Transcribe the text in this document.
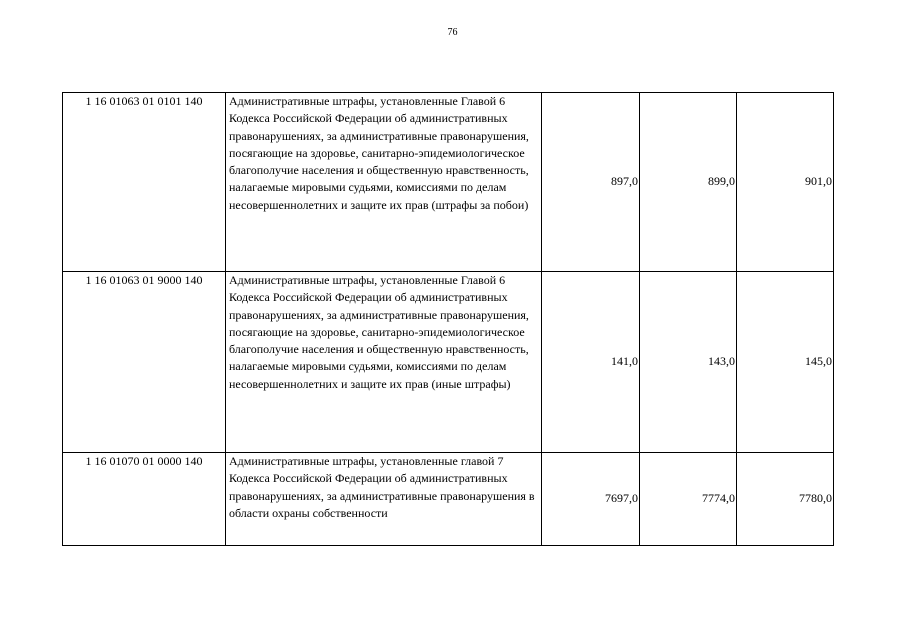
76
1 16 01063 01 0101 140	Административные штрафы, установленные Главой 6 Кодекса Российской Федерации об административных правонарушениях, за административные правонарушения, посягающие на здоровье, санитарно-эпидемиологическое благополучие населения и общественную нравственность, налагаемые мировыми судьями, комиссиями по делам несовершеннолетних и защите их прав (штрафы за побои)	897,0	899,0	901,0
1 16 01063 01 9000 140	Административные штрафы, установленные Главой 6 Кодекса Российской Федерации об административных правонарушениях, за административные правонарушения, посягающие на здоровье, санитарно-эпидемиологическое благополучие населения и общественную нравственность, налагаемые мировыми судьями, комиссиями по делам несовершеннолетних и защите их прав (иные штрафы)	141,0	143,0	145,0
1 16 01070 01 0000 140	Административные штрафы, установленные главой 7 Кодекса Российской Федерации об административных правонарушениях, за административные правонарушения в области охраны собственности	7697,0	7774,0	7780,0
